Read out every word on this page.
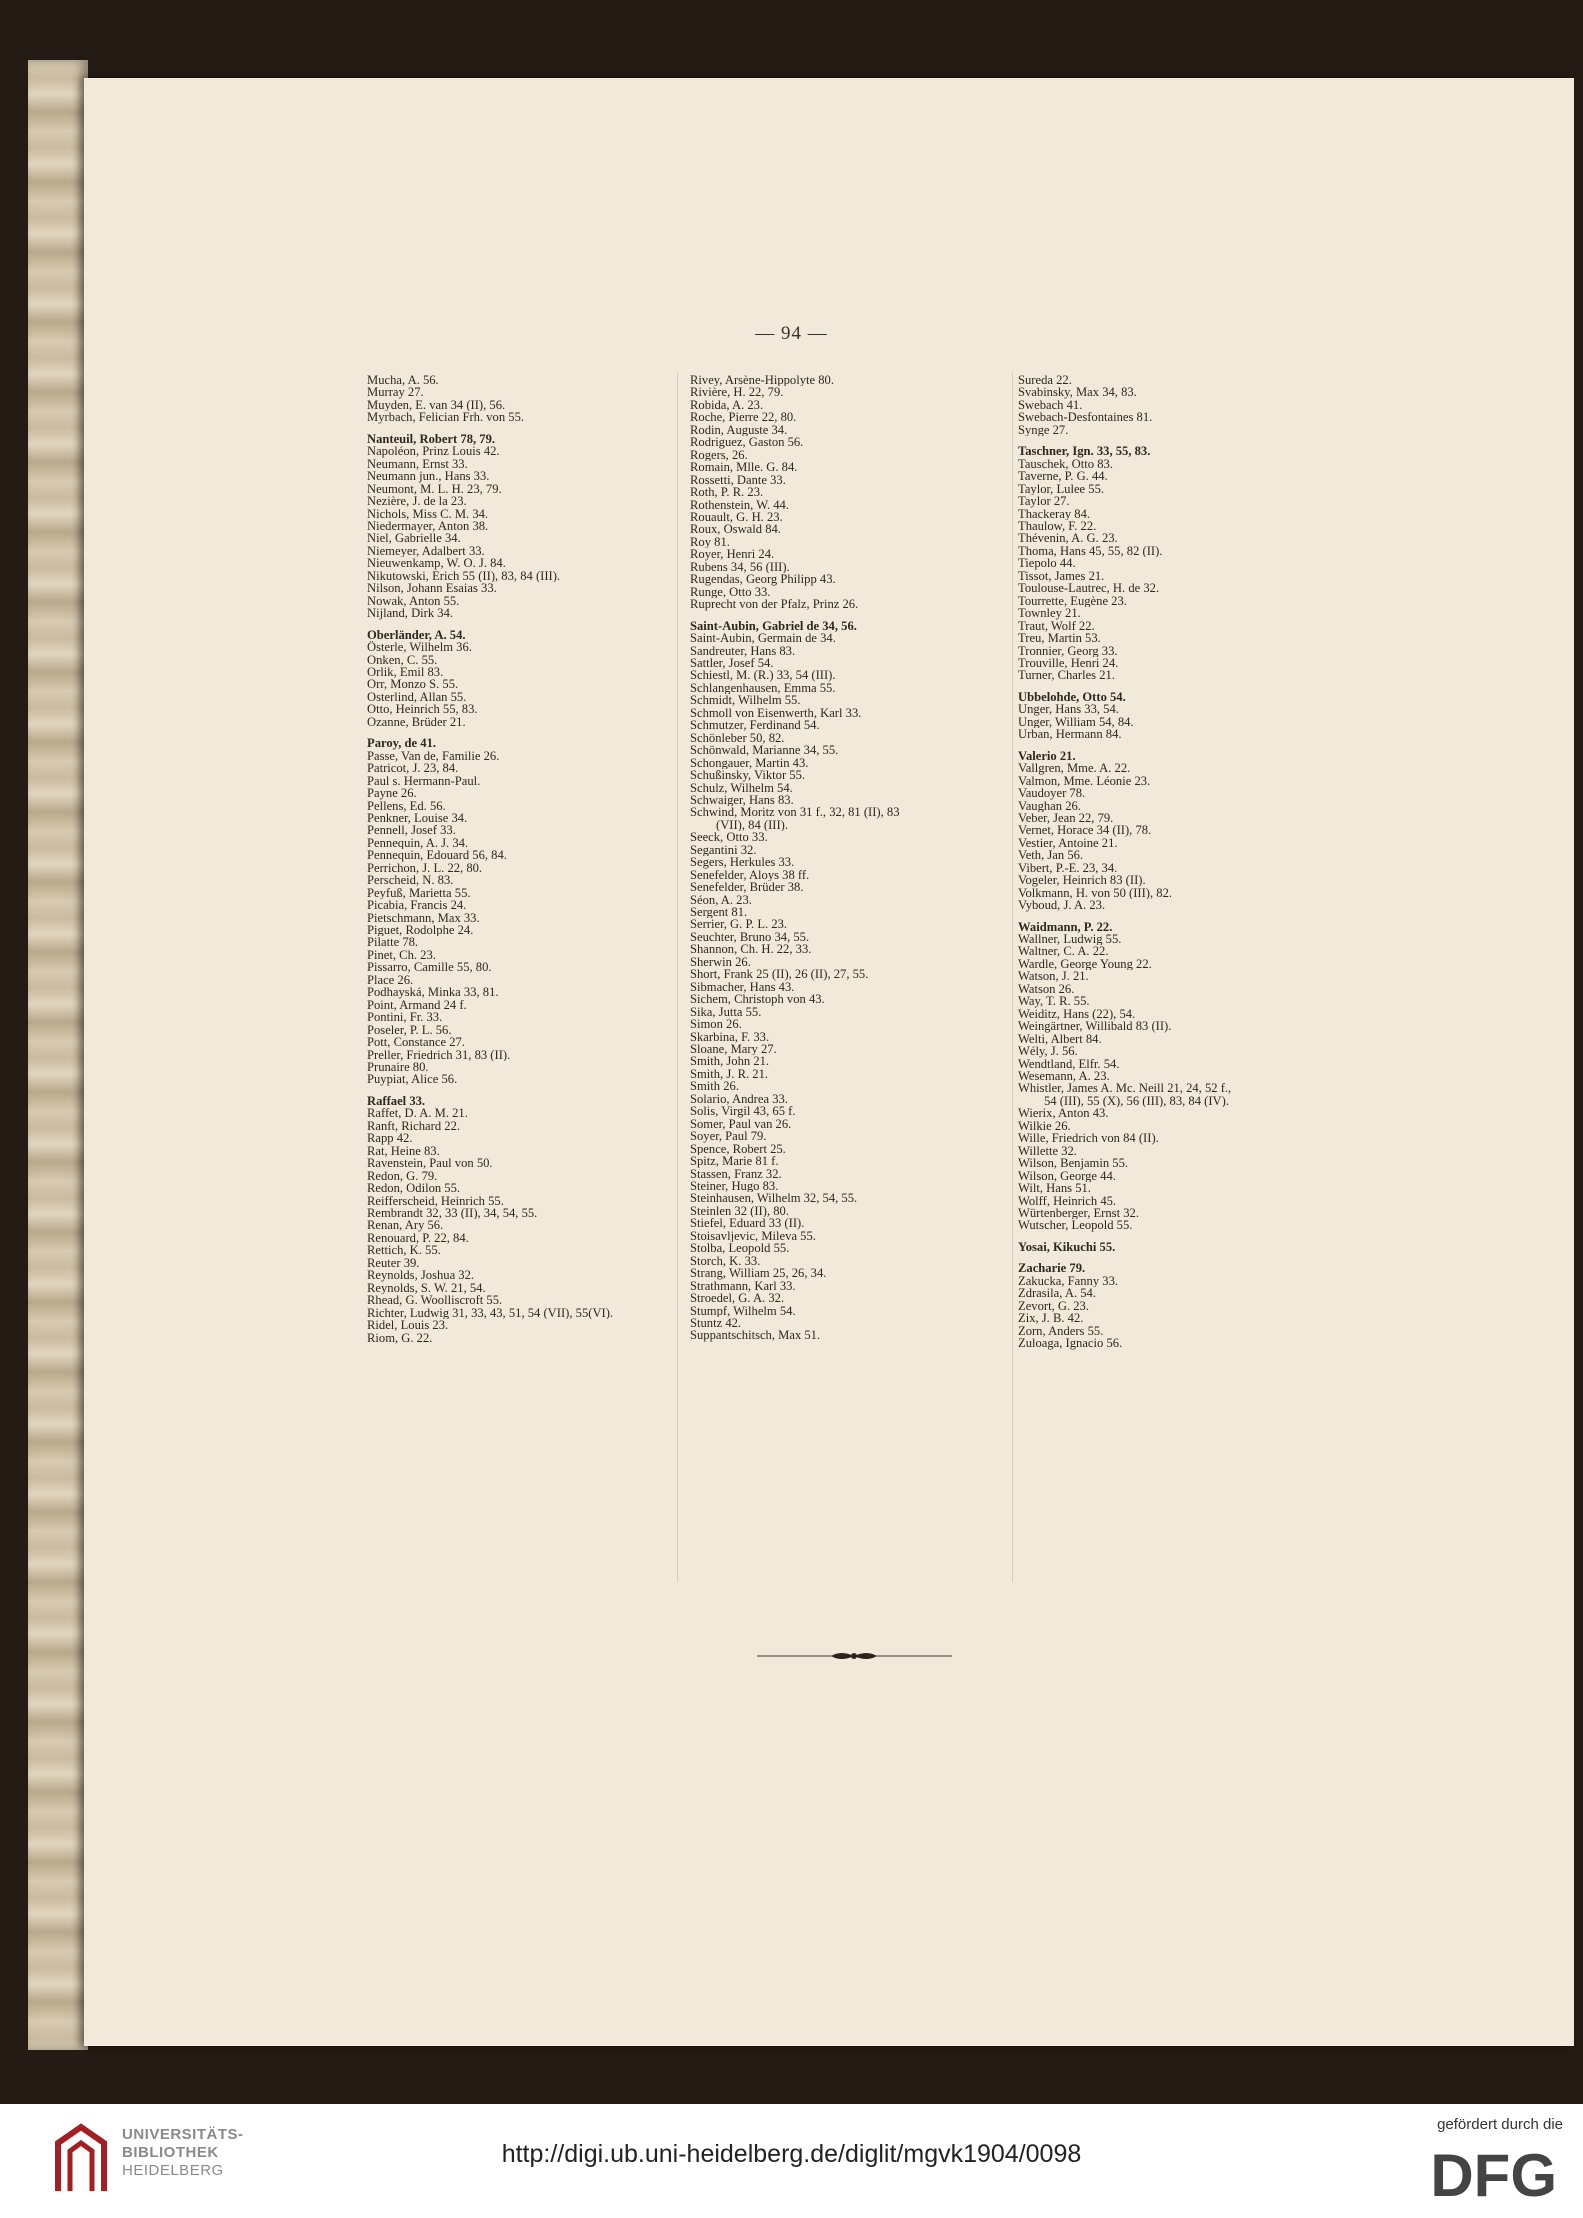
— 94 —
Mucha, A. 56.
Murray 27.
Muyden, E. van 34 (II), 56.
Myrbach, Felician Frh. von 55.
Nanteuil, Robert 78, 79.
Napoléon, Prinz Louis 42.
Neumann, Ernst 33.
Neumann jun., Hans 33.
Neumont, M. L. H. 23, 79.
Nezière, J. de la 23.
Nichols, Miss C. M. 34.
Niedermayer, Anton 38.
Niel, Gabrielle 34.
Niemeyer, Adalbert 33.
Nieuwenkamp, W. O. J. 84.
Nikutowski, Erich 55 (II), 83, 84 (III).
Nilson, Johann Esaias 33.
Nowak, Anton 55.
Nijland, Dirk 34.
Oberländer, A. 54.
Österle, Wilhelm 36.
Onken, C. 55.
Orlik, Emil 83.
Orr, Monzo S. 55.
Osterlind, Allan 55.
Otto, Heinrich 55, 83.
Ozanne, Brüder 21.
Paroy, de 41.
Passe, Van de, Familie 26.
Patricot, J. 23, 84.
Paul s. Hermann-Paul.
Payne 26.
Pellens, Ed. 56.
Penkner, Louise 34.
Pennell, Josef 33.
Pennequin, A. J. 34.
Pennequin, Edouard 56, 84.
Perrichon, J. L. 22, 80.
Perscheid, N. 83.
Peyfuß, Marietta 55.
Picabia, Francis 24.
Pietschmann, Max 33.
Piguet, Rodolphe 24.
Pilatte 78.
Pinet, Ch. 23.
Pissarro, Camille 55, 80.
Place 26.
Podhayská, Minka 33, 81.
Point, Armand 24 f.
Pontini, Fr. 33.
Poseler, P. L. 56.
Pott, Constance 27.
Preller, Friedrich 31, 83 (II).
Prunaire 80.
Puypiat, Alice 56.
Raffael 33.
Raffet, D. A. M. 21.
Ranft, Richard 22.
Rapp 42.
Rat, Heine 83.
Ravenstein, Paul von 50.
Redon, G. 79.
Redon, Odilon 55.
Reifferscheid, Heinrich 55.
Rembrandt 32, 33 (II), 34, 54, 55.
Renan, Ary 56.
Renouard, P. 22, 84.
Rettich, K. 55.
Reuter 39.
Reynolds, Joshua 32.
Reynolds, S. W. 21, 54.
Rhead, G. Woolliscroft 55.
Richter, Ludwig 31, 33, 43, 51, 54 (VII), 55(VI).
Ridel, Louis 23.
Riom, G. 22.
Rivey, Arsène-Hippolyte 80.
Rivière, H. 22, 79.
Robida, A. 23.
Roche, Pierre 22, 80.
Rodin, Auguste 34.
Rodriguez, Gaston 56.
Rogers, 26.
Romain, Mlle. G. 84.
Rossetti, Dante 33.
Roth, P. R. 23.
Rothenstein, W. 44.
Rouault, G. H. 23.
Roux, Oswald 84.
Roy 81.
Royer, Henri 24.
Rubens 34, 56 (III).
Rugendas, Georg Philipp 43.
Runge, Otto 33.
Ruprecht von der Pfalz, Prinz 26.
Saint-Aubin, Gabriel de 34, 56.
Saint-Aubin, Germain de 34.
Sandreuter, Hans 83.
Sattler, Josef 54.
Schiestl, M. (R.) 33, 54 (III).
Schlangenhausen, Emma 55.
Schmidt, Wilhelm 55.
Schmoll von Eisenwerth, Karl 33.
Schmutzer, Ferdinand 54.
Schönleber 50, 82.
Schönwald, Marianne 34, 55.
Schongauer, Martin 43.
Schußinsky, Viktor 55.
Schulz, Wilhelm 54.
Schwaiger, Hans 83.
Schwind, Moritz von 31 f., 32, 81 (II), 83
(VII), 84 (III).
Seeck, Otto 33.
Segantini 32.
Segers, Herkules 33.
Senefelder, Aloys 38 ff.
Senefelder, Brüder 38.
Séon, A. 23.
Sergent 81.
Serrier, G. P. L. 23.
Seuchter, Bruno 34, 55.
Shannon, Ch. H. 22, 33.
Sherwin 26.
Short, Frank 25 (II), 26 (II), 27, 55.
Sibmacher, Hans 43.
Sichem, Christoph von 43.
Sika, Jutta 55.
Simon 26.
Skarbina, F. 33.
Sloane, Mary 27.
Smith, John 21.
Smith, J. R. 21.
Smith 26.
Solario, Andrea 33.
Solis, Virgil 43, 65 f.
Somer, Paul van 26.
Soyer, Paul 79.
Spence, Robert 25.
Spitz, Marie 81 f.
Stassen, Franz 32.
Steiner, Hugo 83.
Steinhausen, Wilhelm 32, 54, 55.
Steinlen 32 (II), 80.
Stiefel, Eduard 33 (II).
Stoisavljevic, Mileva 55.
Stolba, Leopold 55.
Storch, K. 33.
Strang, William 25, 26, 34.
Strathmann, Karl 33.
Stroedel, G. A. 32.
Stumpf, Wilhelm 54.
Stuntz 42.
Suppantschitsch, Max 51.
Sureda 22.
Svabinsky, Max 34, 83.
Swebach 41.
Swebach-Desfontaines 81.
Synge 27.
Taschner, Ign. 33, 55, 83.
Tauschek, Otto 83.
Taverne, P. G. 44.
Taylor, Lulee 55.
Taylor 27.
Thackeray 84.
Thaulow, F. 22.
Thévenin, A. G. 23.
Thoma, Hans 45, 55, 82 (II).
Tiepolo 44.
Tissot, James 21.
Toulouse-Lautrec, H. de 32.
Tourrette, Eugène 23.
Townley 21.
Traut, Wolf 22.
Treu, Martin 53.
Tronnier, Georg 33.
Trouville, Henri 24.
Turner, Charles 21.
Ubbelohde, Otto 54.
Unger, Hans 33, 54.
Unger, William 54, 84.
Urban, Hermann 84.
Valerio 21.
Vallgren, Mme. A. 22.
Valmon, Mme. Léonie 23.
Vaudoyer 78.
Vaughan 26.
Veber, Jean 22, 79.
Vernet, Horace 34 (II), 78.
Vestier, Antoine 21.
Veth, Jan 56.
Vibert, P.-E. 23, 34.
Vogeler, Heinrich 83 (II).
Volkmann, H. von 50 (III), 82.
Vyboud, J. A. 23.
Waidmann, P. 22.
Wallner, Ludwig 55.
Waltner, C. A. 22.
Wardle, George Young 22.
Watson, J. 21.
Watson 26.
Way, T. R. 55.
Weiditz, Hans (22), 54.
Weingärtner, Willibald 83 (II).
Welti, Albert 84.
Wély, J. 56.
Wendtland, Elfr. 54.
Wesemann, A. 23.
Whistler, James A. Mc. Neill 21, 24, 52 f.,
54 (III), 55 (X), 56 (III), 83, 84 (IV).
Wierix, Anton 43.
Wilkie 26.
Wille, Friedrich von 84 (II).
Willette 32.
Wilson, Benjamin 55.
Wilson, George 44.
Wilt, Hans 51.
Wolff, Heinrich 45.
Würtenberger, Ernst 32.
Wutscher, Leopold 55.
Yosai, Kikuchi 55.
Zacharie 79.
Zakucka, Fanny 33.
Zdrasila, A. 54.
Zevort, G. 23.
Zix, J. B. 42.
Zorn, Anders 55.
Zuloaga, Ignacio 56.
UNIVERSITÄTS-
BIBLIOTHEK
HEIDELBERG
http://digi.ub.uni-heidelberg.de/diglit/mgvk1904/0098
gefördert durch die
DFG
